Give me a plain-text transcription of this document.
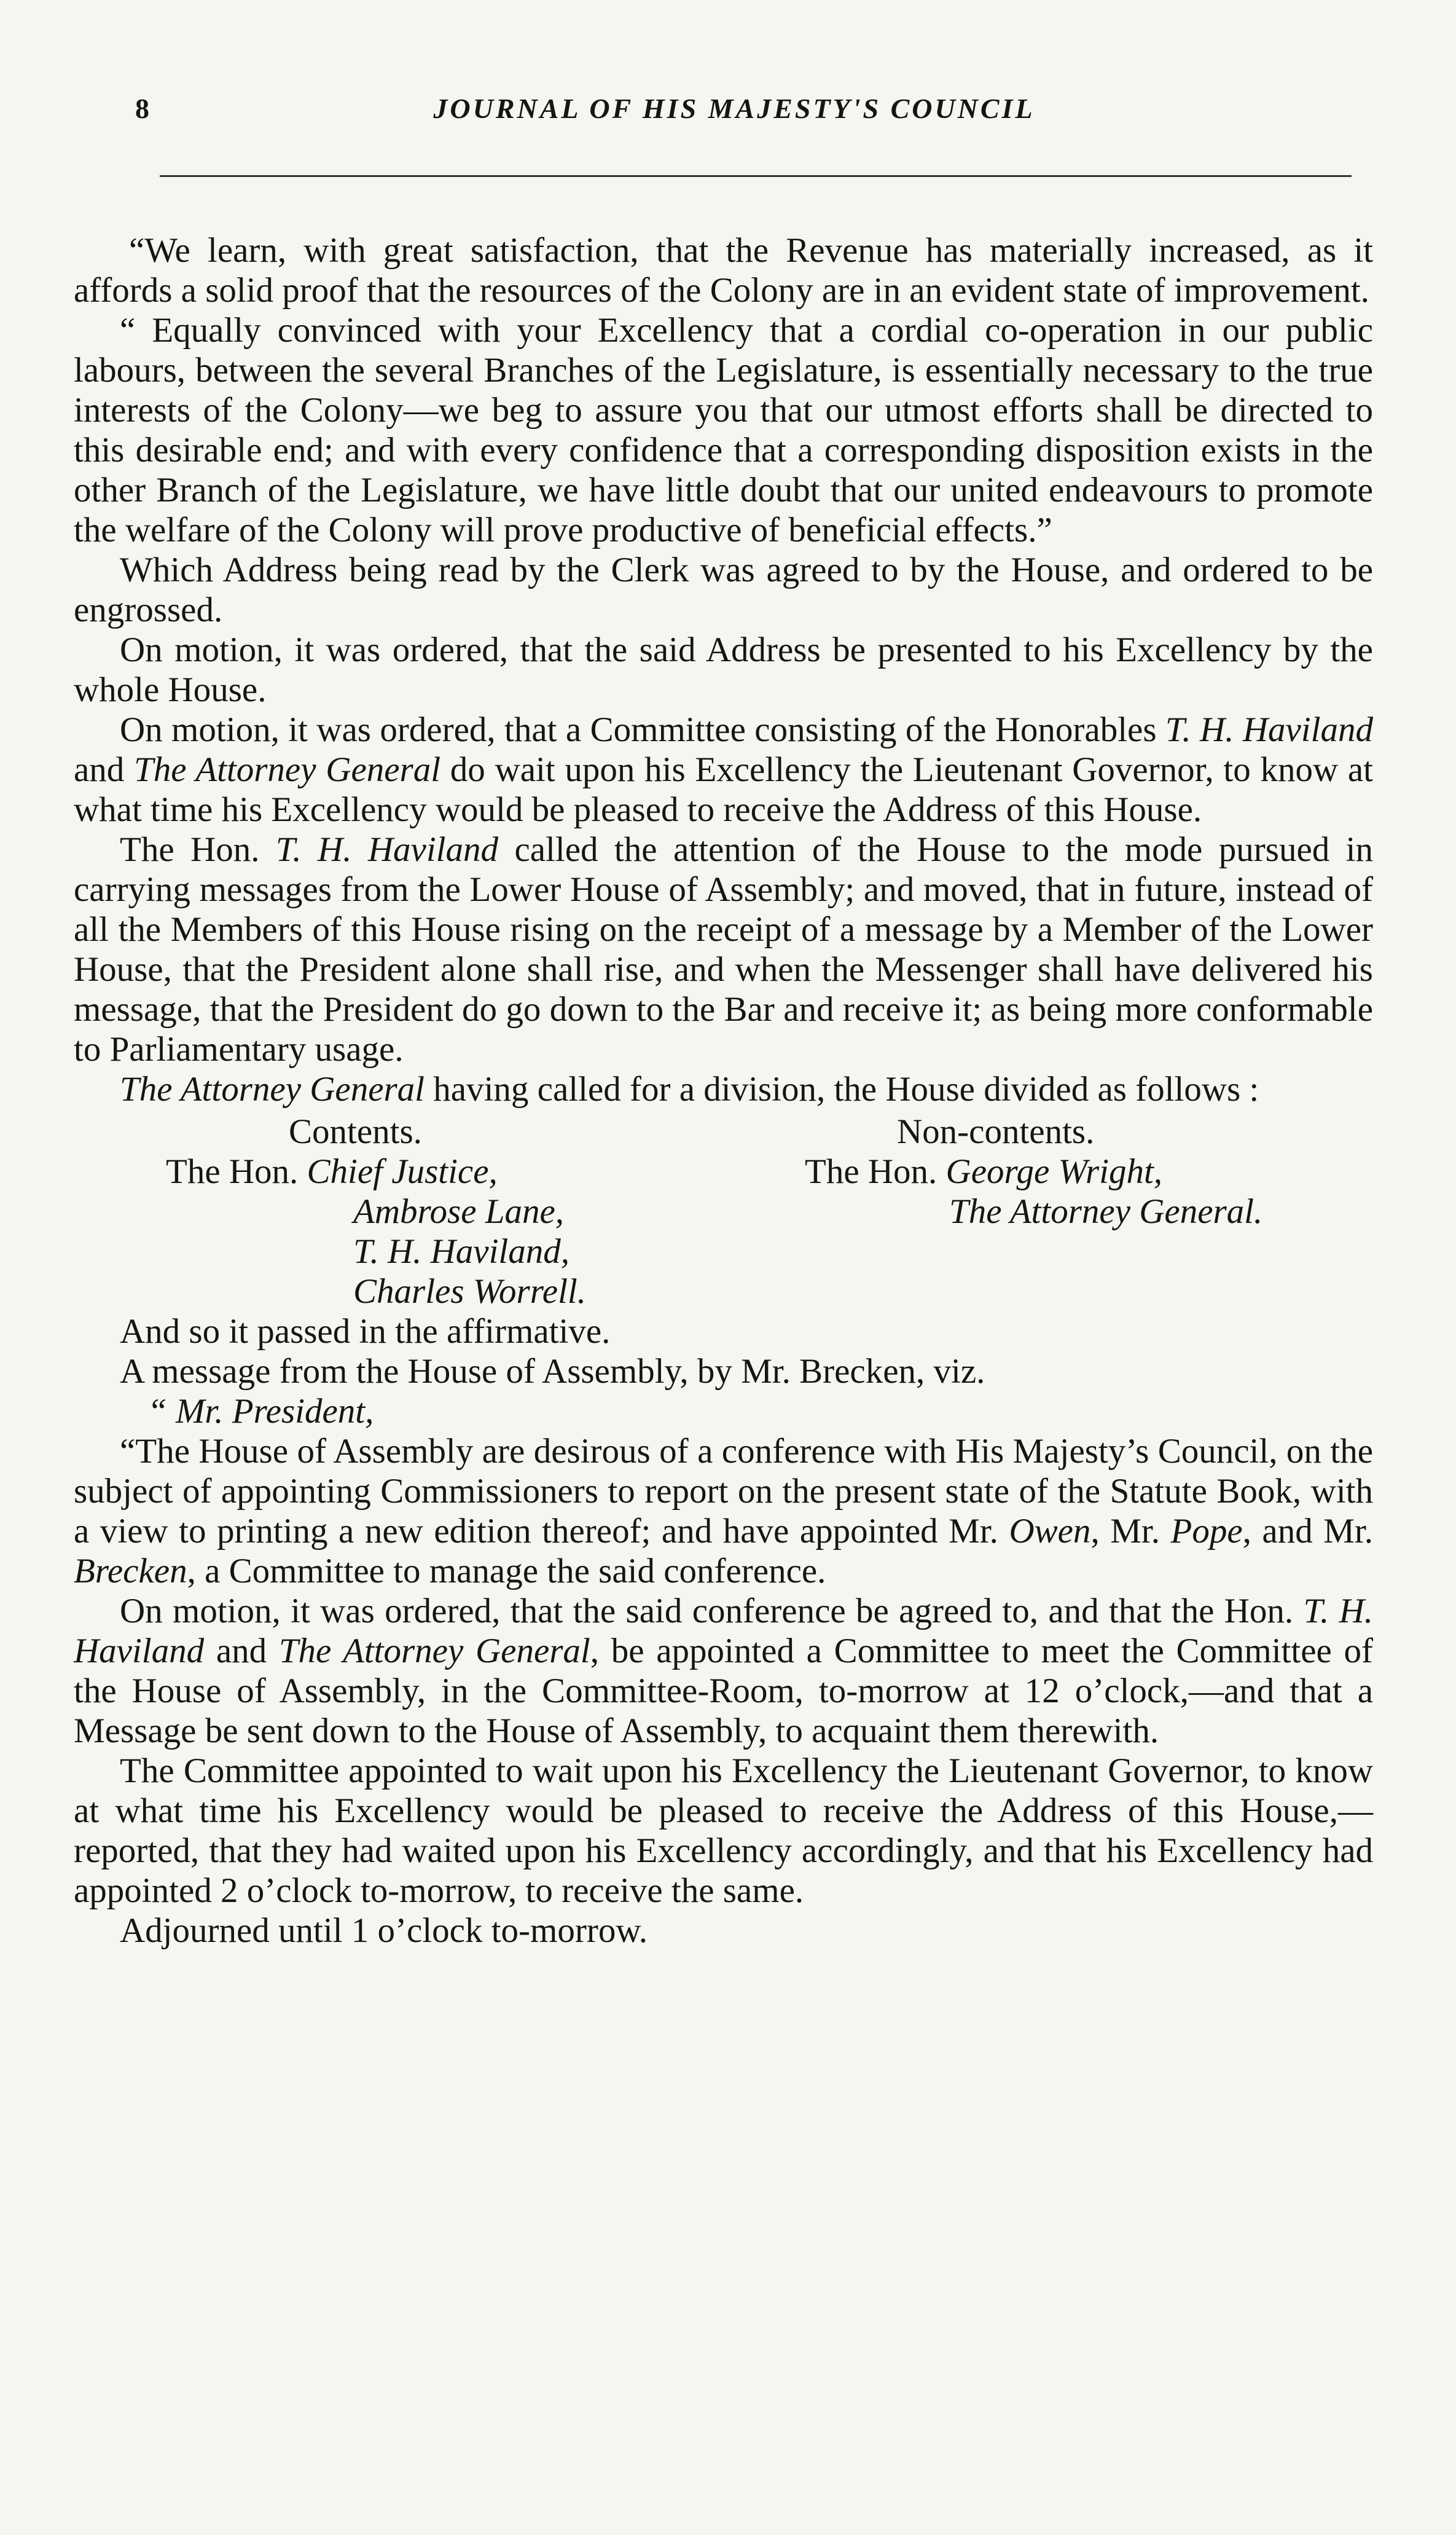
8	JOURNAL OF HIS MAJESTY'S COUNCIL

“We learn, with great satisfaction, that the Revenue has materially increased, as it affords a solid proof that the resources of the Colony are in an evident state of improvement.

“ Equally convinced with your Excellency that a cordial co-operation in our public labours, between the several Branches of the Legislature, is essentially necessary to the true interests of the Colony—we beg to assure you that our utmost efforts shall be directed to this desirable end; and with every confidence that a corresponding disposition exists in the other Branch of the Legislature, we have little doubt that our united endeavours to promote the welfare of the Colony will prove productive of beneficial effects.”

Which Address being read by the Clerk was agreed to by the House, and ordered to be engrossed.

On motion, it was ordered, that the said Address be presented to his Excellency by the whole House.

On motion, it was ordered, that a Committee consisting of the Honorables T. H. Haviland and The Attorney General do wait upon his Excellency the Lieutenant Governor, to know at what time his Excellency would be pleased to receive the Address of this House.

The Hon. T. H. Haviland called the attention of the House to the mode pursued in carrying messages from the Lower House of Assembly; and moved, that in future, instead of all the Members of this House rising on the receipt of a message by a Member of the Lower House, that the President alone shall rise, and when the Messenger shall have delivered his message, that the President do go down to the Bar and receive it; as being more conformable to Parliamentary usage.

The Attorney General having called for a division, the House divided as follows :

Contents.
The Hon. Chief Justice,
Ambrose Lane,
T. H. Haviland,
Charles Worrell.
Non-contents.
The Hon. George Wright,
The Attorney General.

And so it passed in the affirmative.

A message from the House of Assembly, by Mr. Brecken, viz.

“ Mr. President,

“The House of Assembly are desirous of a conference with His Majesty’s Council, on the subject of appointing Commissioners to report on the present state of the Statute Book, with a view to printing a new edition thereof; and have appointed Mr. Owen, Mr. Pope, and Mr. Brecken, a Committee to manage the said conference.

On motion, it was ordered, that the said conference be agreed to, and that the Hon. T. H. Haviland and The Attorney General, be appointed a Committee to meet the Committee of the House of Assembly, in the Committee-Room, to-morrow at 12 o’clock,—and that a Message be sent down to the House of Assembly, to acquaint them therewith.

The Committee appointed to wait upon his Excellency the Lieutenant Governor, to know at what time his Excellency would be pleased to receive the Address of this House,—reported, that they had waited upon his Excellency accordingly, and that his Excellency had appointed 2 o’clock to-morrow, to receive the same.

Adjourned until 1 o’clock to-morrow.
